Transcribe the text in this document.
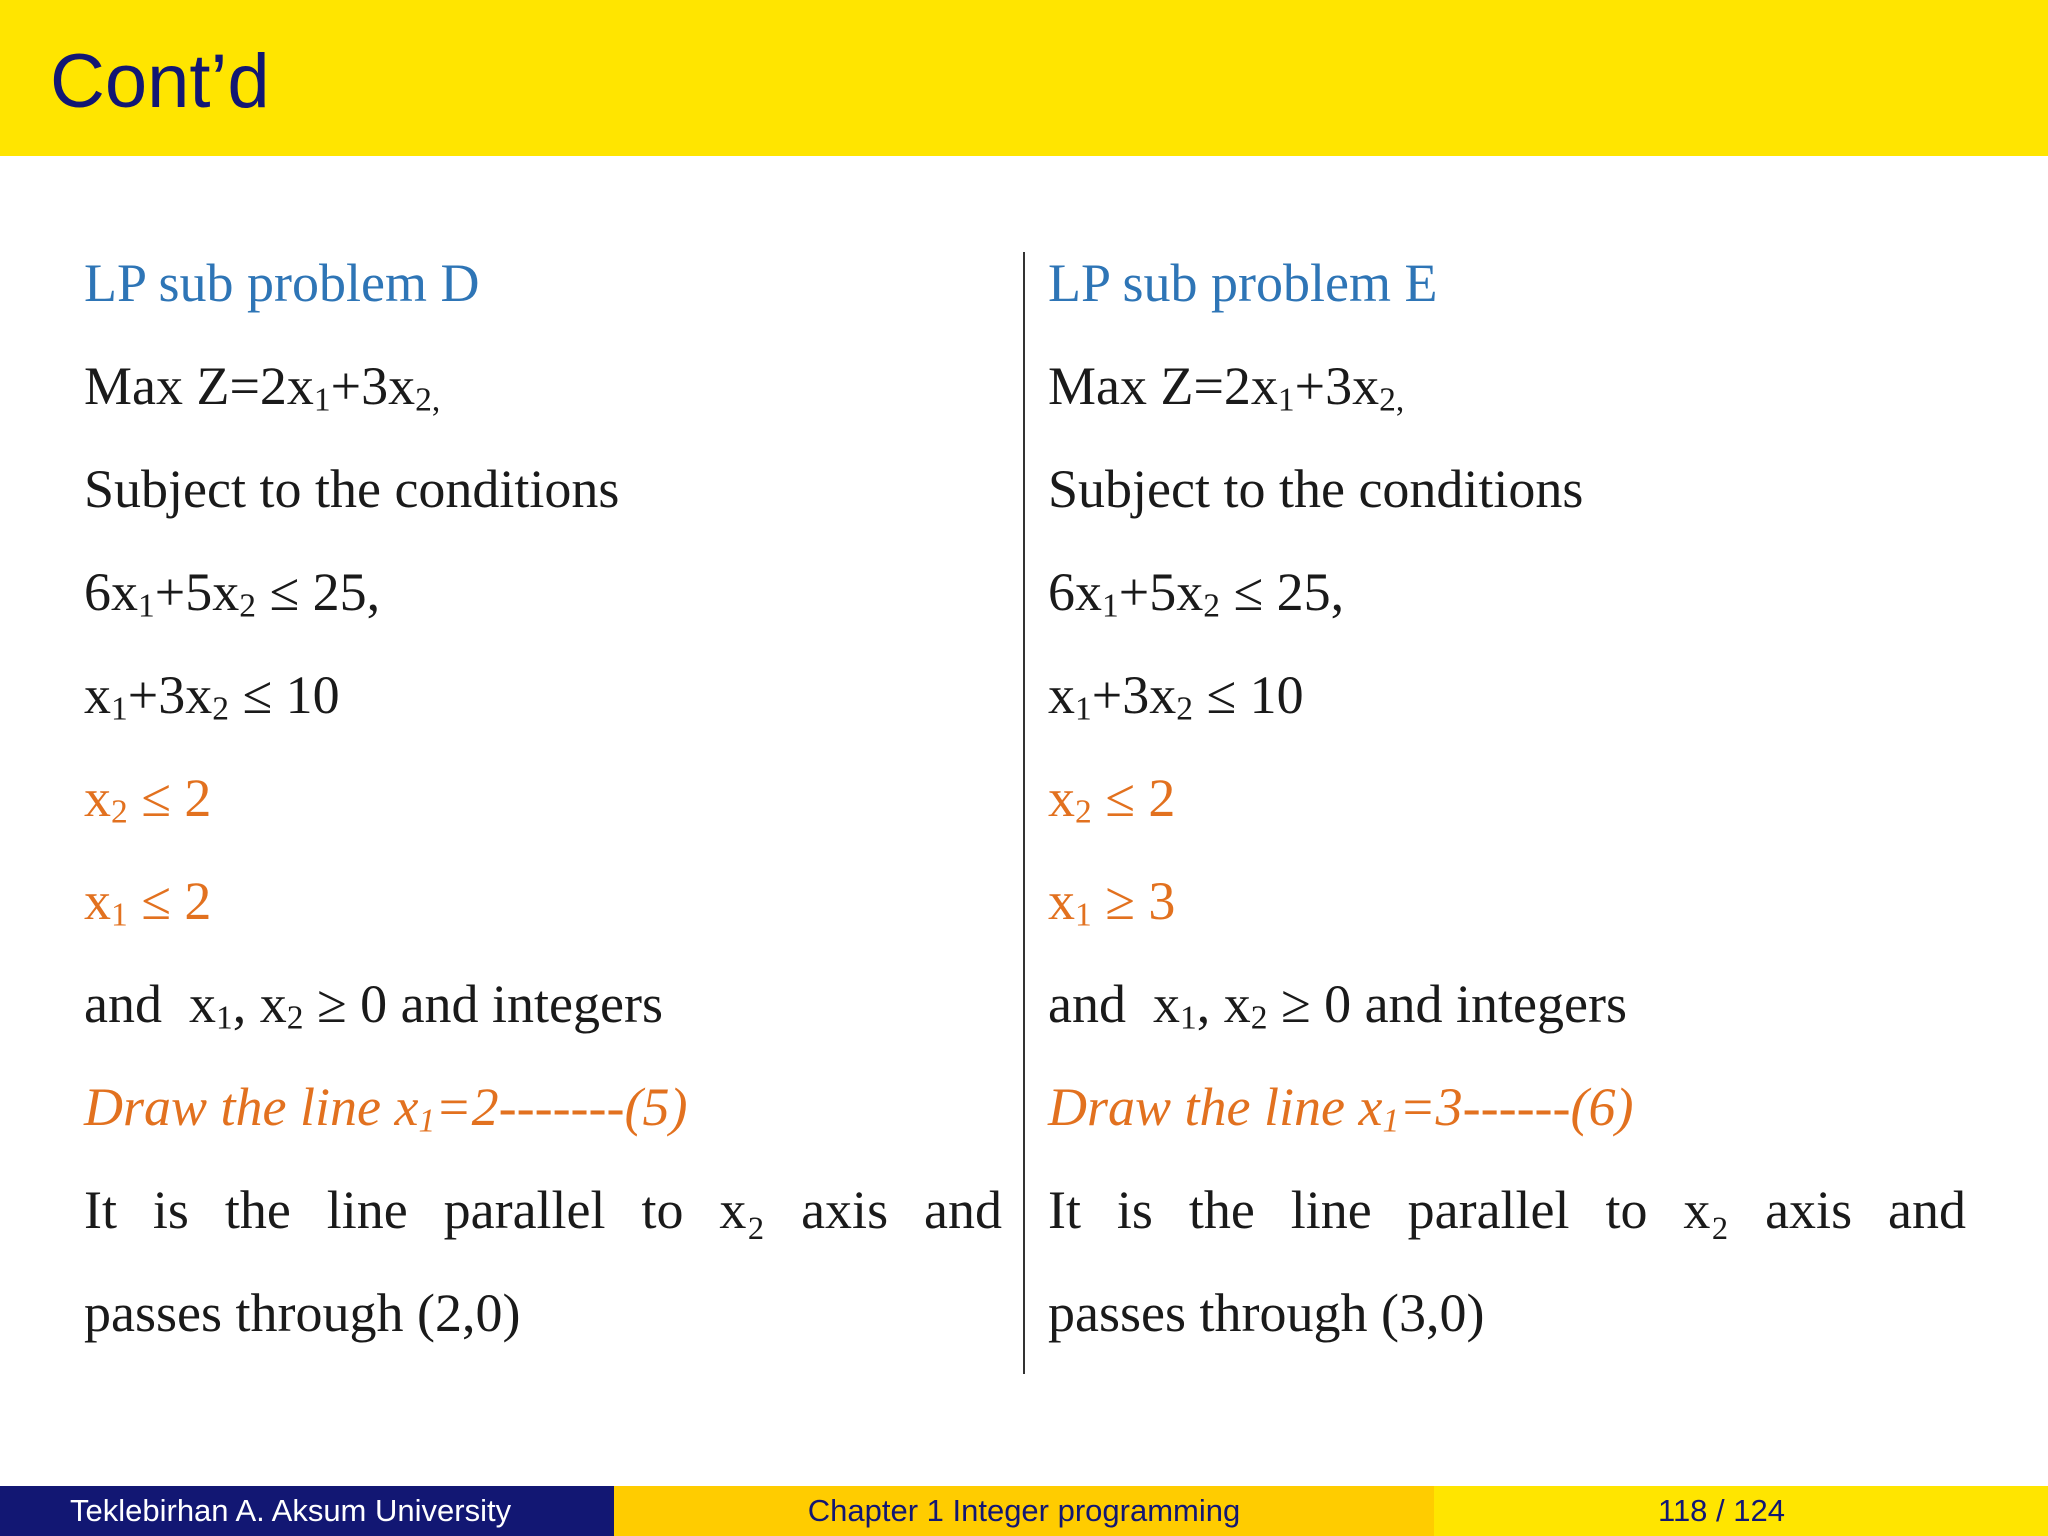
Cont’d
LP sub problem D
Max $Z=2x_1+3x_{2,}$
Subject to the conditions
$6x_1+5x_2 \le 25$,
$x_1+3x_2 \le 10$
$x_2 \le 2$
$x_1 \le 2$
and  $x_1$, $x_2 \ge 0$ and integers
Draw the line $x_1=2-------(5)$
It is the line parallel to x₂ axis and
passes through (2,0)
LP sub problem E
Max $Z=2x_1+3x_{2,}$
Subject to the conditions
$6x_1+5x_2 \le 25$,
$x_1+3x_2 \le 10$
$x_2 \le 2$
$x_1 \ge 3$
and  $x_1$, $x_2 \ge 0$ and integers
Draw the line $x_1=3------(6)$
It is the line parallel to x₂ axis and
passes through (3,0)
Teklebirhan A. Aksum University	Chapter 1 Integer programming	118 / 124
